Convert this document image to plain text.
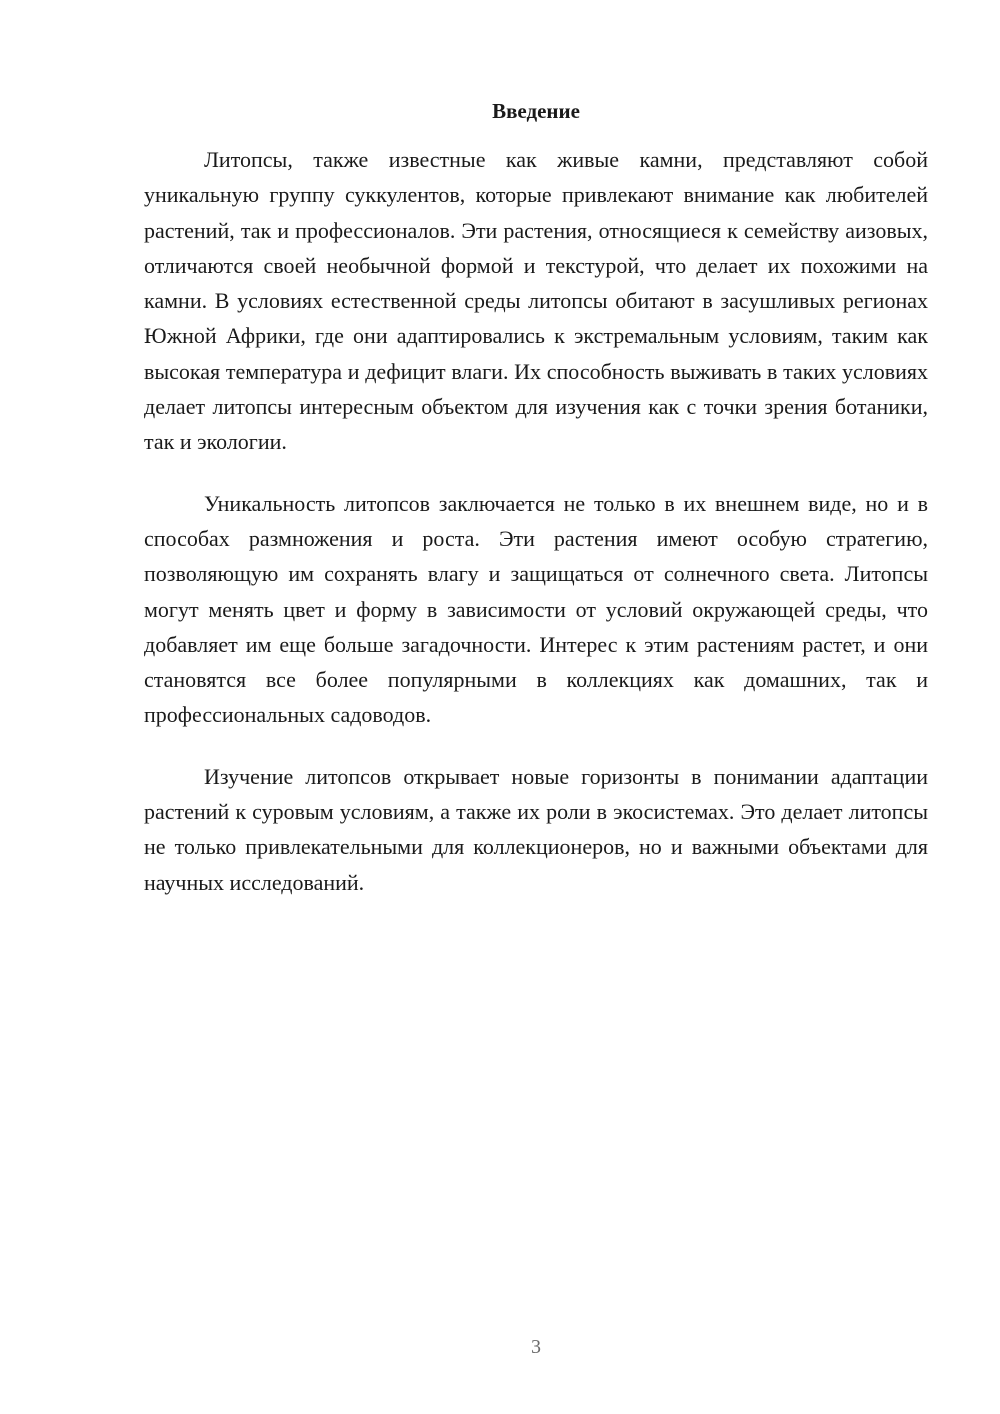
Введение

Литопсы, также известные как живые камни, представляют собой уникальную группу суккулентов, которые привлекают внимание как любителей растений, так и профессионалов. Эти растения, относящиеся к семейству аизовых, отличаются своей необычной формой и текстурой, что делает их похожими на камни. В условиях естественной среды литопсы обитают в засушливых регионах Южной Африки, где они адаптировались к экстремальным условиям, таким как высокая температура и дефицит влаги. Их способность выживать в таких условиях делает литопсы интересным объектом для изучения как с точки зрения ботаники, так и экологии.

Уникальность литопсов заключается не только в их внешнем виде, но и в способах размножения и роста. Эти растения имеют особую стратегию, позволяющую им сохранять влагу и защищаться от солнечного света. Литопсы могут менять цвет и форму в зависимости от условий окружающей среды, что добавляет им еще больше загадочности. Интерес к этим растениям растет, и они становятся все более популярными в коллекциях как домашних, так и профессиональных садоводов.

Изучение литопсов открывает новые горизонты в понимании адаптации растений к суровым условиям, а также их роли в экосистемах. Это делает литопсы не только привлекательными для коллекционеров, но и важными объектами для научных исследований.

3
